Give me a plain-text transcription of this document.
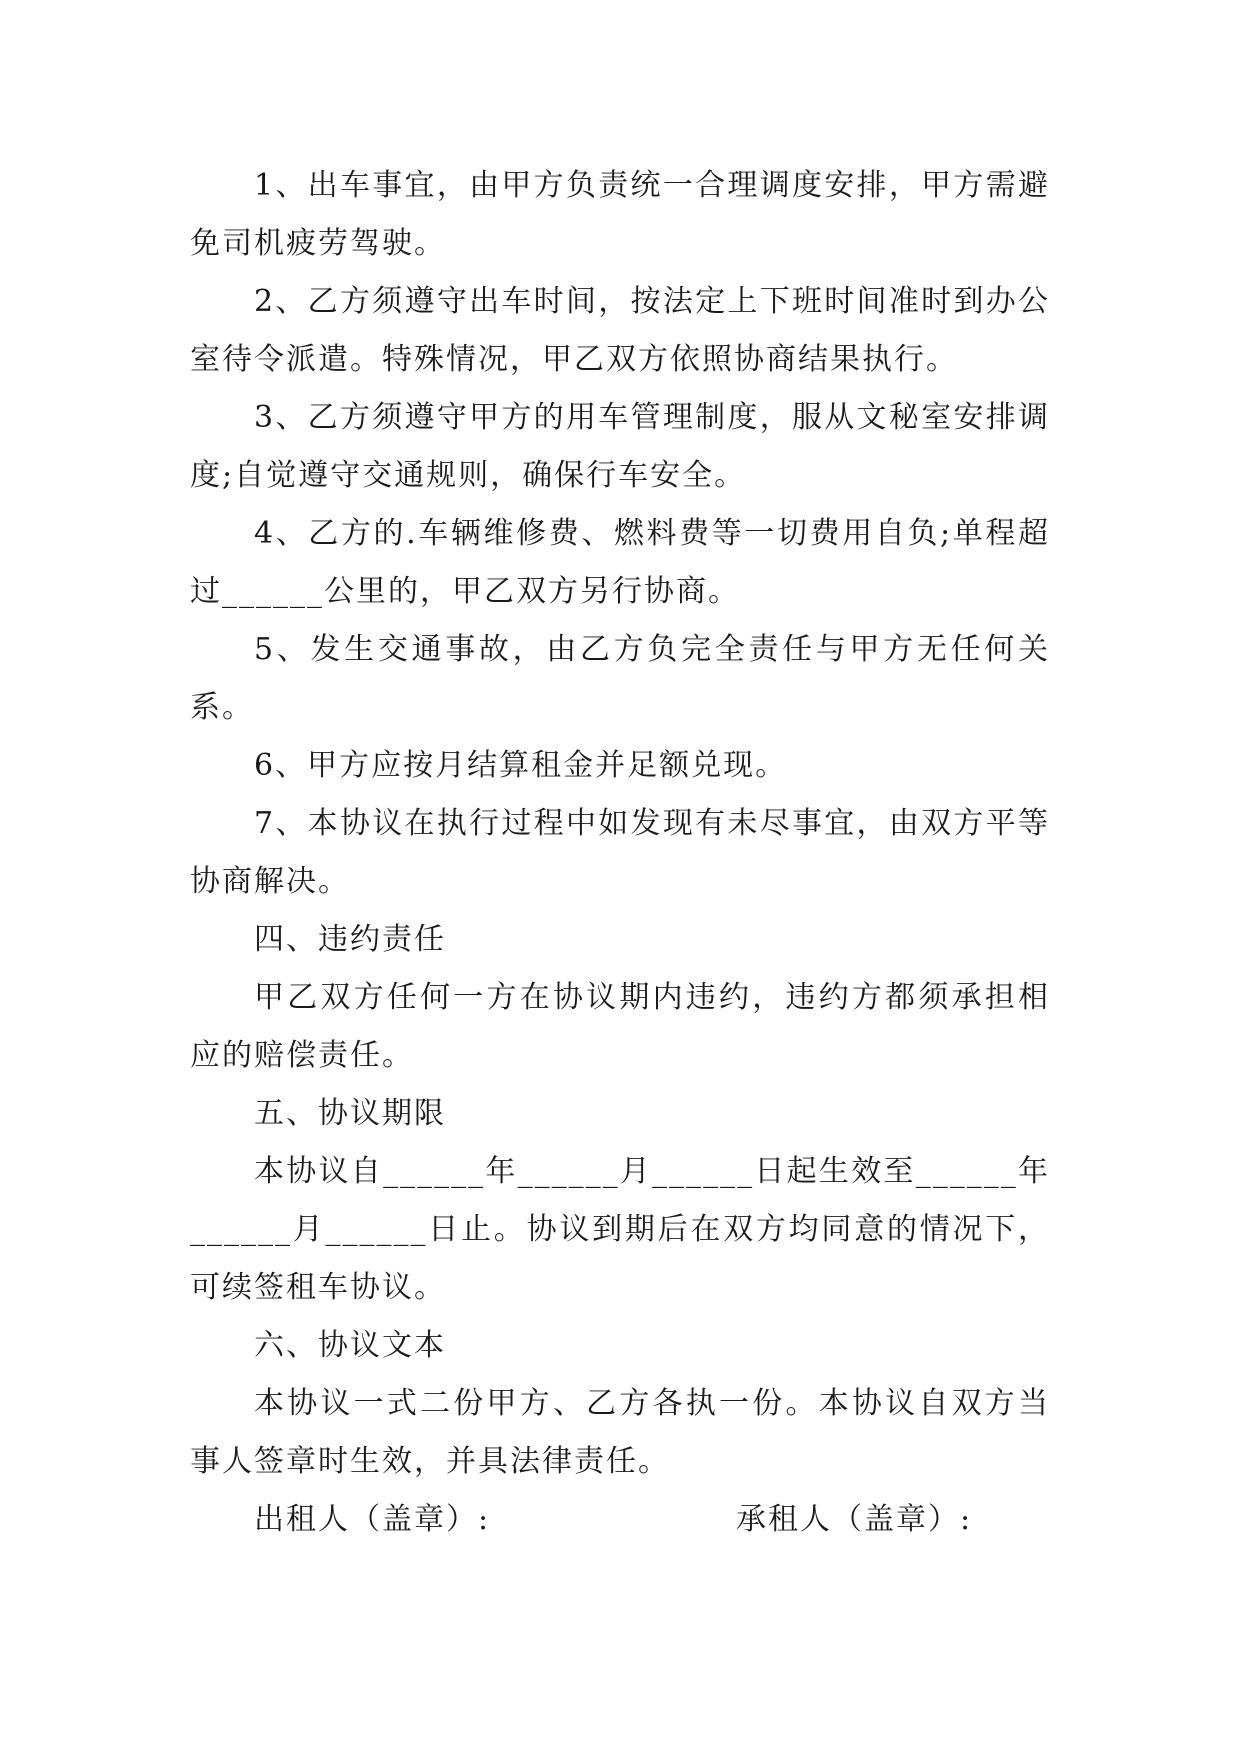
1、出车事宜，由甲方负责统一合理调度安排，甲方需避免司机疲劳驾驶。

2、乙方须遵守出车时间，按法定上下班时间准时到办公室待令派遣。特殊情况，甲乙双方依照协商结果执行。

3、乙方须遵守甲方的用车管理制度，服从文秘室安排调度;自觉遵守交通规则，确保行车安全。

4、乙方的.车辆维修费、燃料费等一切费用自负;单程超过______公里的，甲乙双方另行协商。

5、发生交通事故，由乙方负完全责任与甲方无任何关系。

6、甲方应按月结算租金并足额兑现。

7、本协议在执行过程中如发现有未尽事宜，由双方平等协商解决。

四、违约责任

甲乙双方任何一方在协议期内违约，违约方都须承担相应的赔偿责任。

五、协议期限

本协议自______年______月______日起生效至______年______月______日止。协议到期后在双方均同意的情况下，可续签租车协议。

六、协议文本

本协议一式二份甲方、乙方各执一份。本协议自双方当事人签章时生效，并具法律责任。

出租人（盖章）:	承租人（盖章）:
